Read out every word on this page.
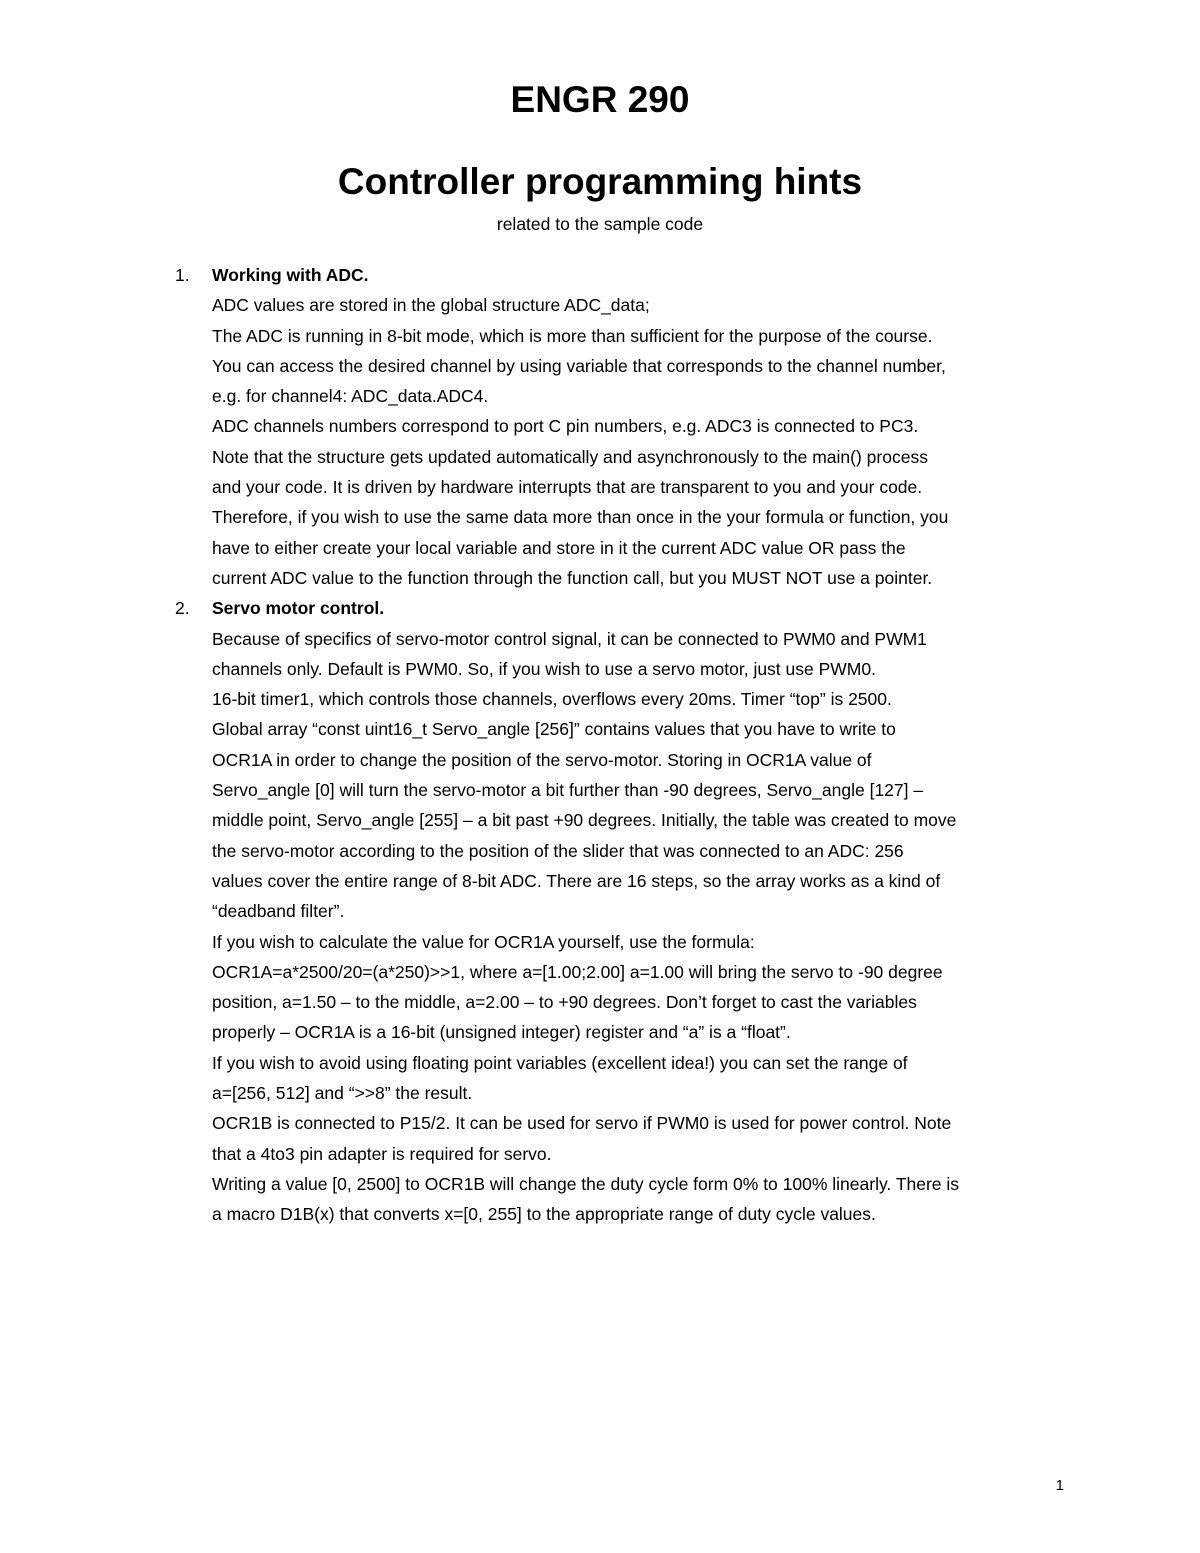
ENGR 290
Controller programming hints

related to the sample code

1. Working with ADC.
ADC values are stored in the global structure ADC_data;
The ADC is running in 8-bit mode, which is more than sufficient for the purpose of the course.
You can access the desired channel by using variable that corresponds to the channel number,
e.g. for channel4: ADC_data.ADC4.
ADC channels numbers correspond to port C pin numbers, e.g. ADC3 is connected to PC3.
Note that the structure gets updated automatically and asynchronously to the main() process
and your code. It is driven by hardware interrupts that are transparent to you and your code.
Therefore, if you wish to use the same data more than once in the your formula or function, you
have to either create your local variable and store in it the current ADC value OR pass the
current ADC value to the function through the function call, but you MUST NOT use a pointer.
2. Servo motor control.
Because of specifics of servo-motor control signal, it can be connected to PWM0 and PWM1
channels only. Default is PWM0. So, if you wish to use a servo motor, just use PWM0.
16-bit timer1, which controls those channels, overflows every 20ms. Timer “top” is 2500.
Global array “const uint16_t Servo_angle [256]” contains values that you have to write to
OCR1A in order to change the position of the servo-motor. Storing in OCR1A value of
Servo_angle [0] will turn the servo-motor a bit further than -90 degrees, Servo_angle [127] –
middle point, Servo_angle [255] – a bit past +90 degrees. Initially, the table was created to move
the servo-motor according to the position of the slider that was connected to an ADC: 256
values cover the entire range of 8-bit ADC. There are 16 steps, so the array works as a kind of
“deadband filter”.
If you wish to calculate the value for OCR1A yourself, use the formula:
OCR1A=a*2500/20=(a*250)>>1, where a=[1.00;2.00] a=1.00 will bring the servo to -90 degree
position, a=1.50 – to the middle, a=2.00 – to +90 degrees. Don’t forget to cast the variables
properly – OCR1A is a 16-bit (unsigned integer) register and “a” is a “float”.
If you wish to avoid using floating point variables (excellent idea!) you can set the range of
a=[256, 512] and “>>8” the result.
OCR1B is connected to P15/2. It can be used for servo if PWM0 is used for power control. Note
that a 4to3 pin adapter is required for servo.
Writing a value [0, 2500] to OCR1B will change the duty cycle form 0% to 100% linearly. There is
a macro D1B(x) that converts x=[0, 255] to the appropriate range of duty cycle values.
1
